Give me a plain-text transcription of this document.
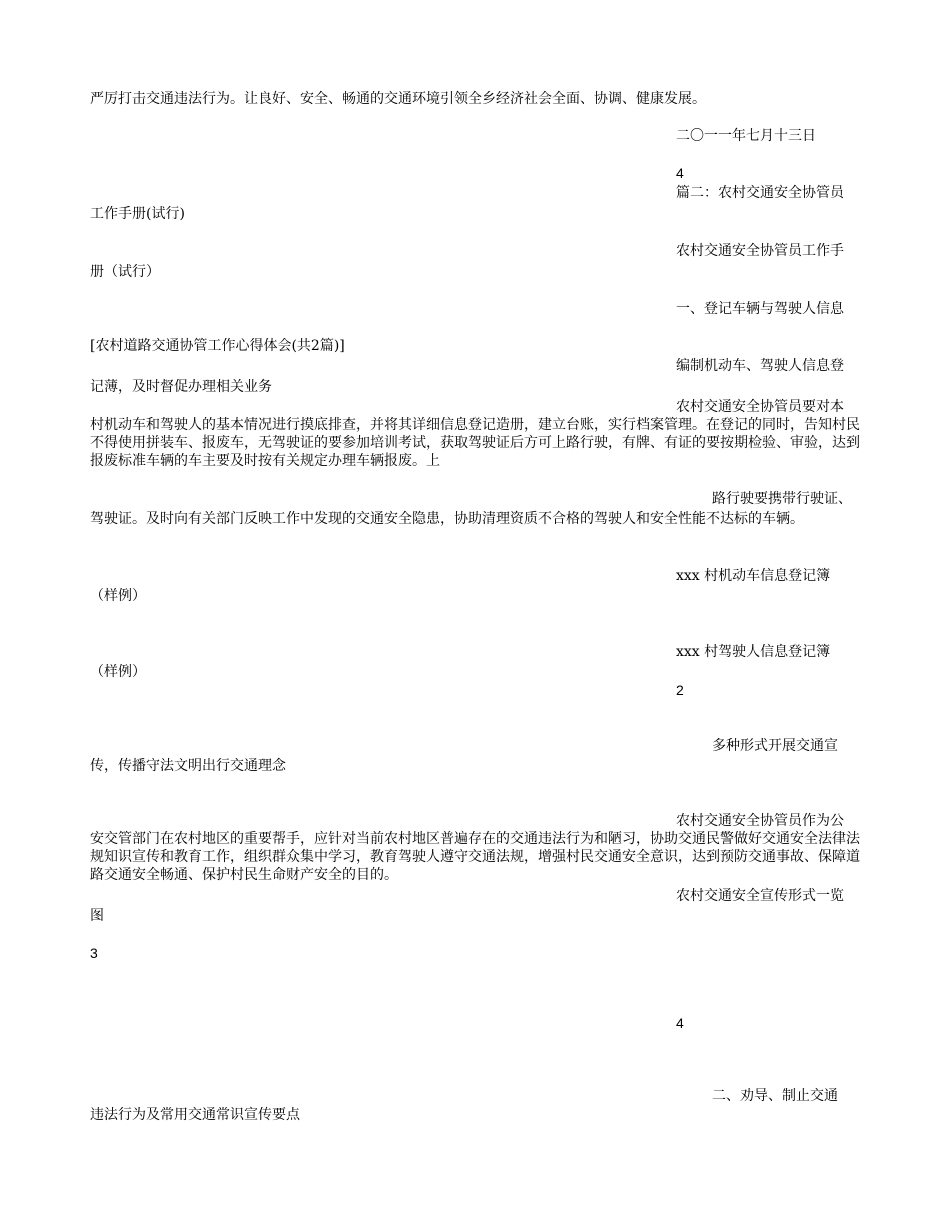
严厉打击交通违法行为。让良好、安全、畅通的交通环境引领全乡经济社会全面、协调、健康发展。
二〇一一年七月十三日
4
篇二：农村交通安全协管员
工作手册(试行)
农村交通安全协管员工作手
册（试行）
一、登记车辆与驾驶人信息
[农村道路交通协管工作心得体会(共2篇)]
编制机动车、驾驶人信息登
记薄，及时督促办理相关业务
农村交通安全协管员要对本
村机动车和驾驶人的基本情况进行摸底排查，并将其详细信息登记造册，建立台账，实行档案管理。在登记的同时，告知村民不得使用拼装车、报废车，无驾驶证的要参加培训考试，获取驾驶证后方可上路行驶，有牌、有证的要按期检验、审验，达到报废标准车辆的车主要及时按有关规定办理车辆报废。上
路行驶要携带行驶证、
驾驶证。及时向有关部门反映工作中发现的交通安全隐患，协助清理资质不合格的驾驶人和安全性能不达标的车辆。
xxx 村机动车信息登记簿
（样例）
xxx 村驾驶人信息登记簿
（样例）
2
多种形式开展交通宣
传，传播守法文明出行交通理念
农村交通安全协管员作为公
安交管部门在农村地区的重要帮手，应针对当前农村地区普遍存在的交通违法行为和陋习，协助交通民警做好交通安全法律法规知识宣传和教育工作，组织群众集中学习，教育驾驶人遵守交通法规，增强村民交通安全意识，达到预防交通事故、保障道路交通安全畅通、保护村民生命财产安全的目的。
农村交通安全宣传形式一览
图
3
4
二、劝导、制止交通
违法行为及常用交通常识宣传要点
